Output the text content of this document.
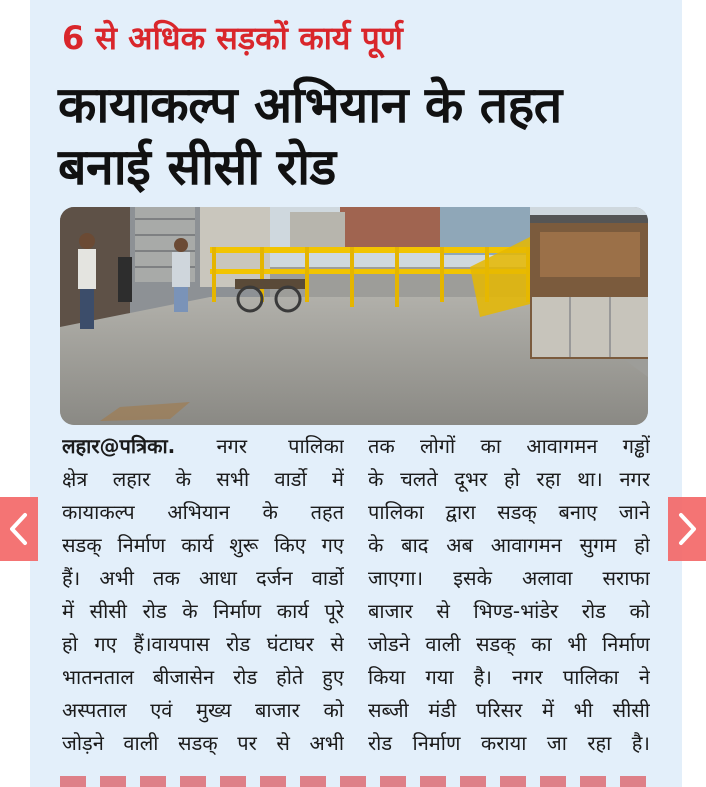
6 से अधिक सड़कों कार्य पूर्ण
कायाकल्प अभियान के तहत
बनाई सीसी रोड
लहार@पत्रिका. नगर पालिका
क्षेत्र लहार के सभी वार्डो में
कायाकल्प अभियान के तहत
सडक् निर्माण कार्य शुरू किए गए
हैं। अभी तक आधा दर्जन वार्डो
में सीसी रोड के निर्माण कार्य पूरे
हो गए हैं।वायपास रोड घंटाघर से
भातनताल बीजासेन रोड होते हुए
अस्पताल एवं मुख्य बाजार को
जोड़ने वाली सडक् पर से अभी
तक लोगों का आवागमन गड्ढों
के चलते दूभर हो रहा था। नगर
पालिका द्वारा सडक् बनाए जाने
के बाद अब आवागमन सुगम हो
जाएगा। इसके अलावा सराफा
बाजार से भिण्ड-भांडेर रोड को
जोडने वाली सडक् का भी निर्माण
किया गया है। नगर पालिका ने
सब्जी मंडी परिसर में भी सीसी
रोड निर्माण कराया जा रहा है।
